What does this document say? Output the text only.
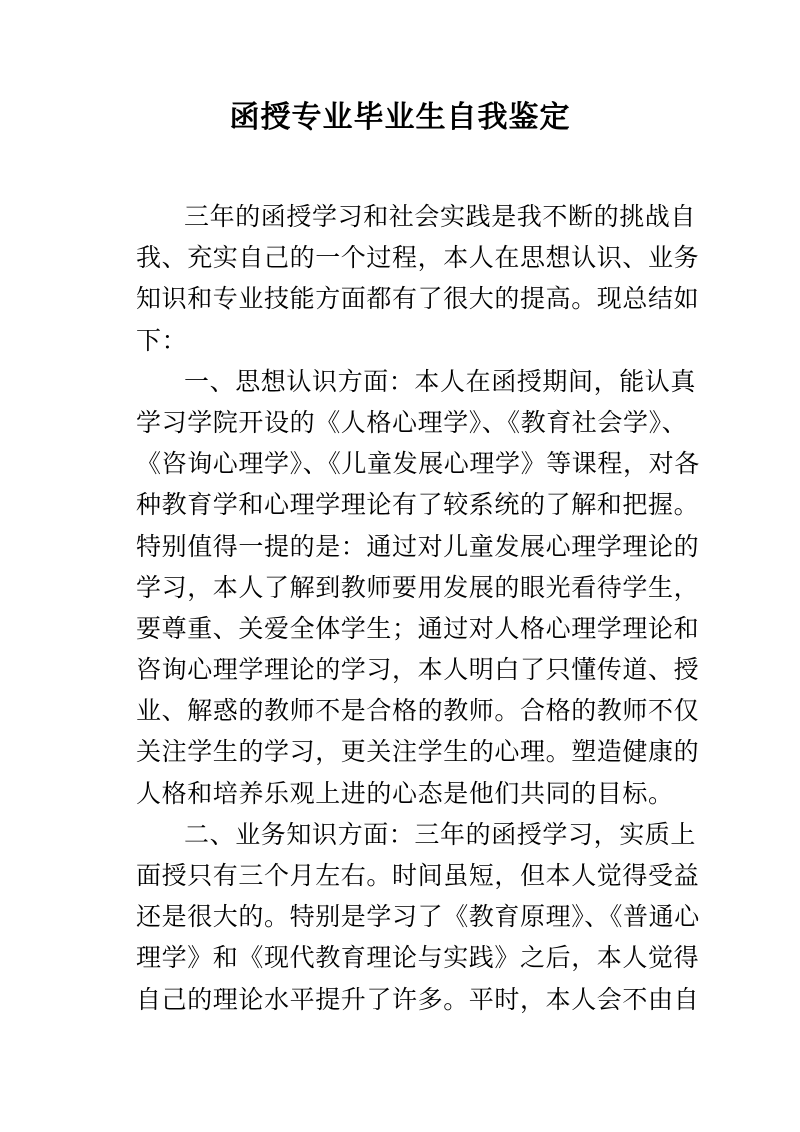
函授专业毕业生自我鉴定
三年的函授学习和社会实践是我不断的挑战自
我、充实自己的一个过程，本人在思想认识、业务
知识和专业技能方面都有了很大的提高。现总结如
下：
一、思想认识方面：本人在函授期间，能认真
学习学院开设的《人格心理学》、《教育社会学》、
《咨询心理学》、《儿童发展心理学》等课程，对各
种教育学和心理学理论有了较系统的了解和把握。
特别值得一提的是：通过对儿童发展心理学理论的
学习，本人了解到教师要用发展的眼光看待学生，
要尊重、关爱全体学生；通过对人格心理学理论和
咨询心理学理论的学习，本人明白了只懂传道、授
业、解惑的教师不是合格的教师。合格的教师不仅
关注学生的学习，更关注学生的心理。塑造健康的
人格和培养乐观上进的心态是他们共同的目标。
二、业务知识方面：三年的函授学习，实质上
面授只有三个月左右。时间虽短，但本人觉得受益
还是很大的。特别是学习了《教育原理》、《普通心
理学》和《现代教育理论与实践》之后，本人觉得
自己的理论水平提升了许多。平时，本人会不由自
